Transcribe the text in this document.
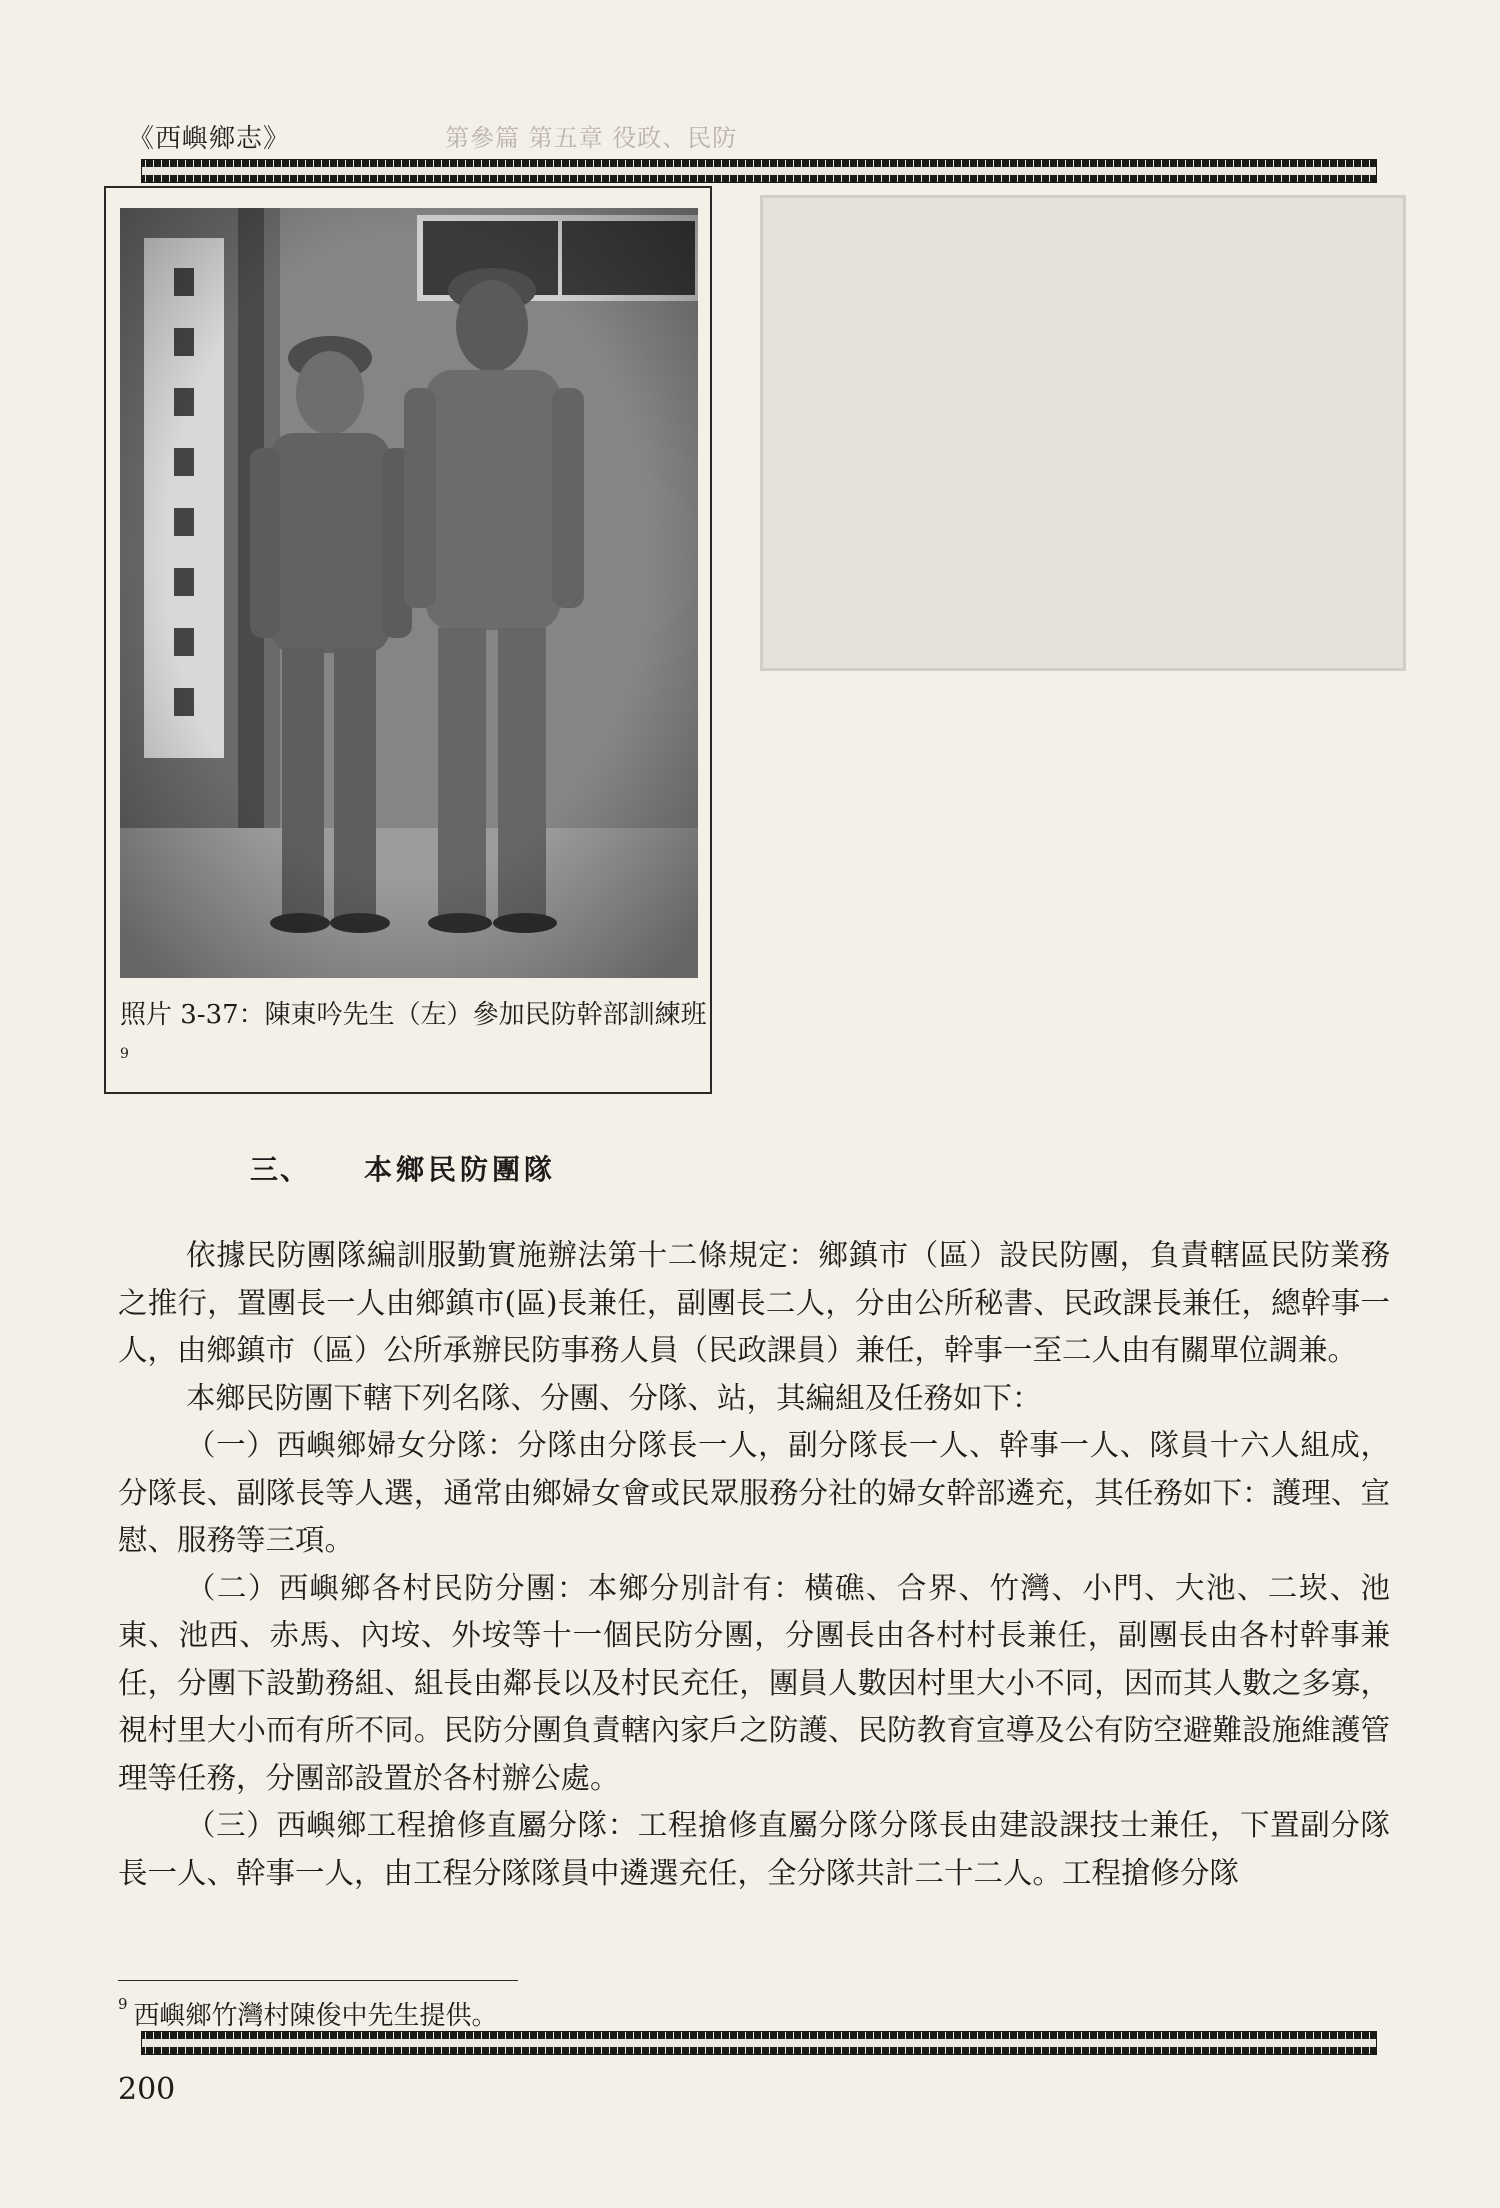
《西嶼鄉志》	第參篇 第五章 役政、民防
照片 3-37：陳東吟先生（左）參加民防幹部訓練班
9
三、 本鄉民防團隊

依據民防團隊編訓服勤實施辦法第十二條規定：鄉鎮市（區）設民防團，負責轄區民防業務之推行，置團長一人由鄉鎮市(區)長兼任，副團長二人，分由公所秘書、民政課長兼任，總幹事一人，由鄉鎮市（區）公所承辦民防事務人員（民政課員）兼任，幹事一至二人由有關單位調兼。

本鄉民防團下轄下列名隊、分團、分隊、站，其編組及任務如下：

（一）西嶼鄉婦女分隊：分隊由分隊長一人，副分隊長一人、幹事一人、隊員十六人組成，分隊長、副隊長等人選，通常由鄉婦女會或民眾服務分社的婦女幹部遴充，其任務如下：護理、宣慰、服務等三項。

（二）西嶼鄉各村民防分團：本鄉分別計有：橫礁、合界、竹灣、小門、大池、二崁、池東、池西、赤馬、內垵、外垵等十一個民防分團，分團長由各村村長兼任，副團長由各村幹事兼任，分團下設勤務組、組長由鄰長以及村民充任，團員人數因村里大小不同，因而其人數之多寡，視村里大小而有所不同。民防分團負責轄內家戶之防護、民防教育宣導及公有防空避難設施維護管理等任務，分團部設置於各村辦公處。

（三）西嶼鄉工程搶修直屬分隊：工程搶修直屬分隊分隊長由建設課技士兼任，下置副分隊長一人、幹事一人，由工程分隊隊員中遴選充任，全分隊共計二十二人。工程搶修分隊

$^9$ 西嶼鄉竹灣村陳俊中先生提供。
200
